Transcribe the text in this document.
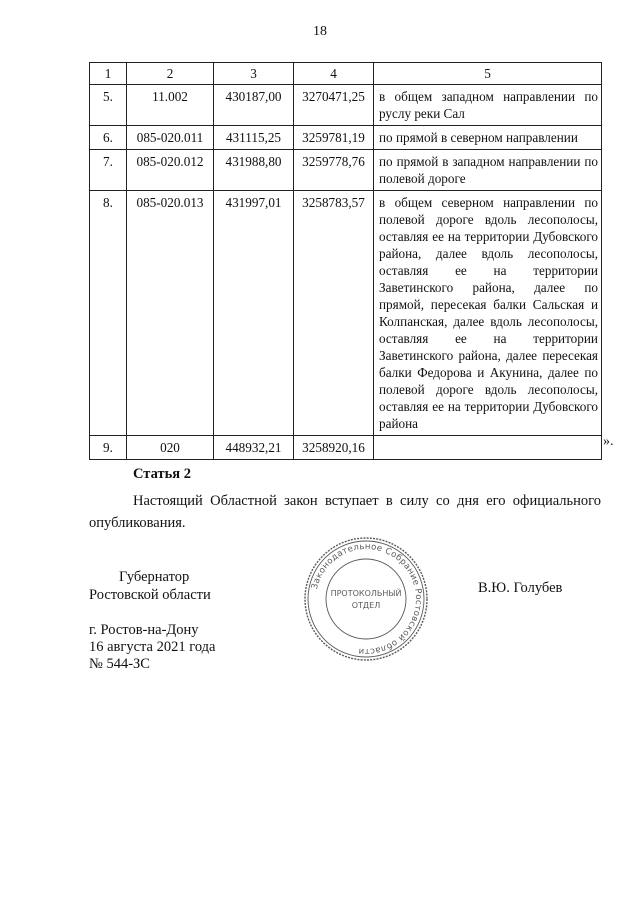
18
1	2	3	4	5
5.	11.002	430187,00	3270471,25	в общем западном направлении по руслу реки Сал
6.	085-020.011	431115,25	3259781,19	по прямой в северном направлении
7.	085-020.012	431988,80	3259778,76	по прямой в западном направлении по полевой дороге
8.	085-020.013	431997,01	3258783,57	в общем северном направлении по полевой дороге вдоль лесополосы, оставляя ее на территории Дубовского района, далее вдоль лесополосы, оставляя ее на территории Заветинского района, далее по прямой, пересекая балки Сальская и Колпанская, далее вдоль лесополосы, оставляя ее на территории Заветинского района, далее пересекая балки Федорова и Акунина, далее по полевой дороге вдоль лесополосы, оставляя ее на территории Дубовского района
9.	020	448932,21	3258920,16		».
Статья 2
Настоящий Областной закон вступает в силу со дня его официального опубликования.
Губернатор
Ростовской области
Законодательное Собрание Ростовской области
ПРОТОКОЛЬНЫЙ
ОТДЕЛ
В.Ю. Голубев
г. Ростов-на-Дону
16 августа 2021 года
№ 544-ЗС
